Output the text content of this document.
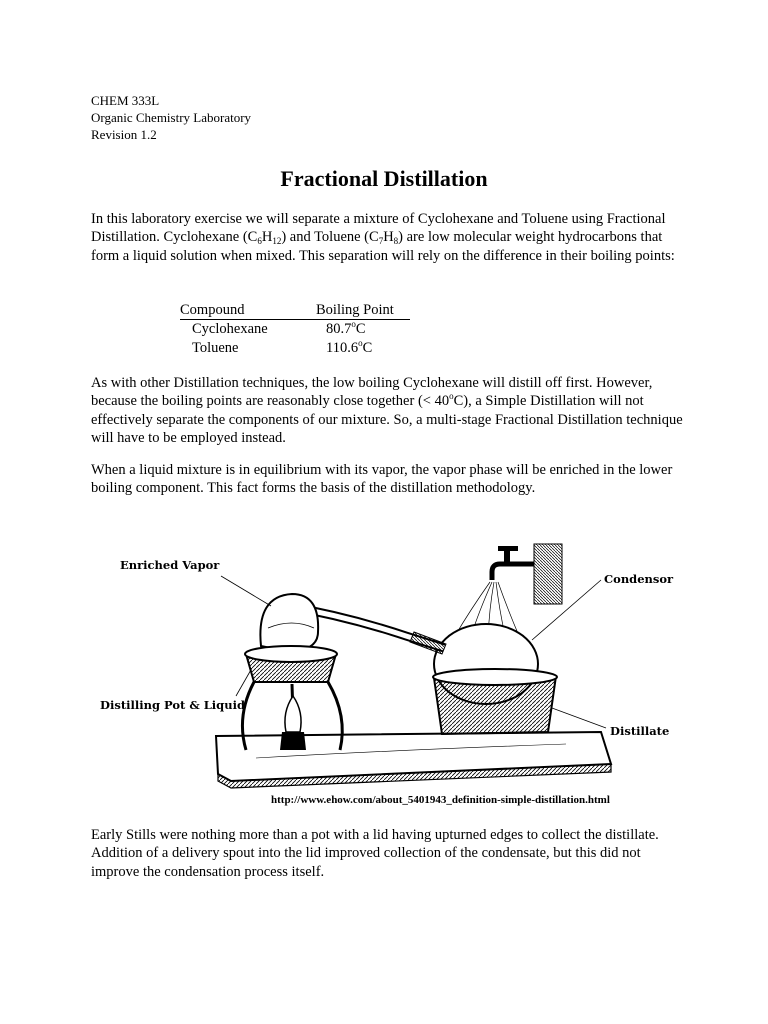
CHEM 333L
Organic Chemistry Laboratory
Revision 1.2
Fractional Distillation

In this laboratory exercise we will separate a mixture of Cyclohexane and Toluene using Fractional Distillation. Cyclohexane $(C_6H_{12})$ and Toluene $(C_7H_8)$ are low molecular weight hydrocarbons that form a liquid solution when mixed. This separation will rely on the difference in their boiling points:

Compound	Boiling Point
Cyclohexane	80.7$^o$C
Toluene	110.6$^o$C

As with other Distillation techniques, the low boiling Cyclohexane will distill off first. However, because the boiling points are reasonably close together (< $40^oC$), a Simple Distillation will not effectively separate the components of our mixture. So, a multi-stage Fractional Distillation technique will have to be employed instead.

When a liquid mixture is in equilibrium with its vapor, the vapor phase will be enriched in the lower boiling component. This fact forms the basis of the distillation methodology.

Enriched Vapor
Condensor
Distilling Pot & Liquid
Distillate
http://www.ehow.com/about_5401943_definition-simple-distillation.html

Early Stills were nothing more than a pot with a lid having upturned edges to collect the distillate. Addition of a delivery spout into the lid improved collection of the condensate, but this did not improve the condensation process itself.
